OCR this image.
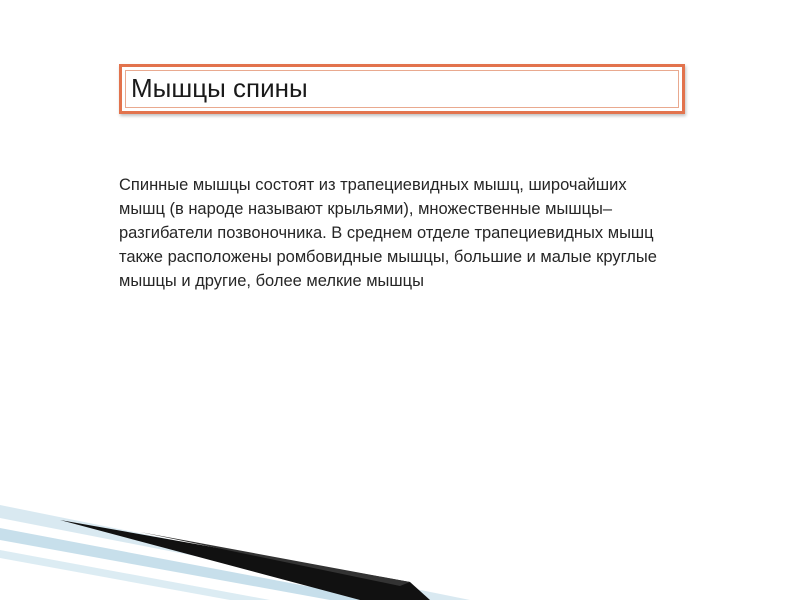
Мышцы спины

Спинные мышцы состоят из трапециевидных мышц, широчайших мышц (в народе называют крыльями), множественные мышцы–разгибатели позвоночника. В среднем отделе трапециевидных мышц также расположены ромбовидные мышцы, большие и малые круглые мышцы и другие, более мелкие мышцы
